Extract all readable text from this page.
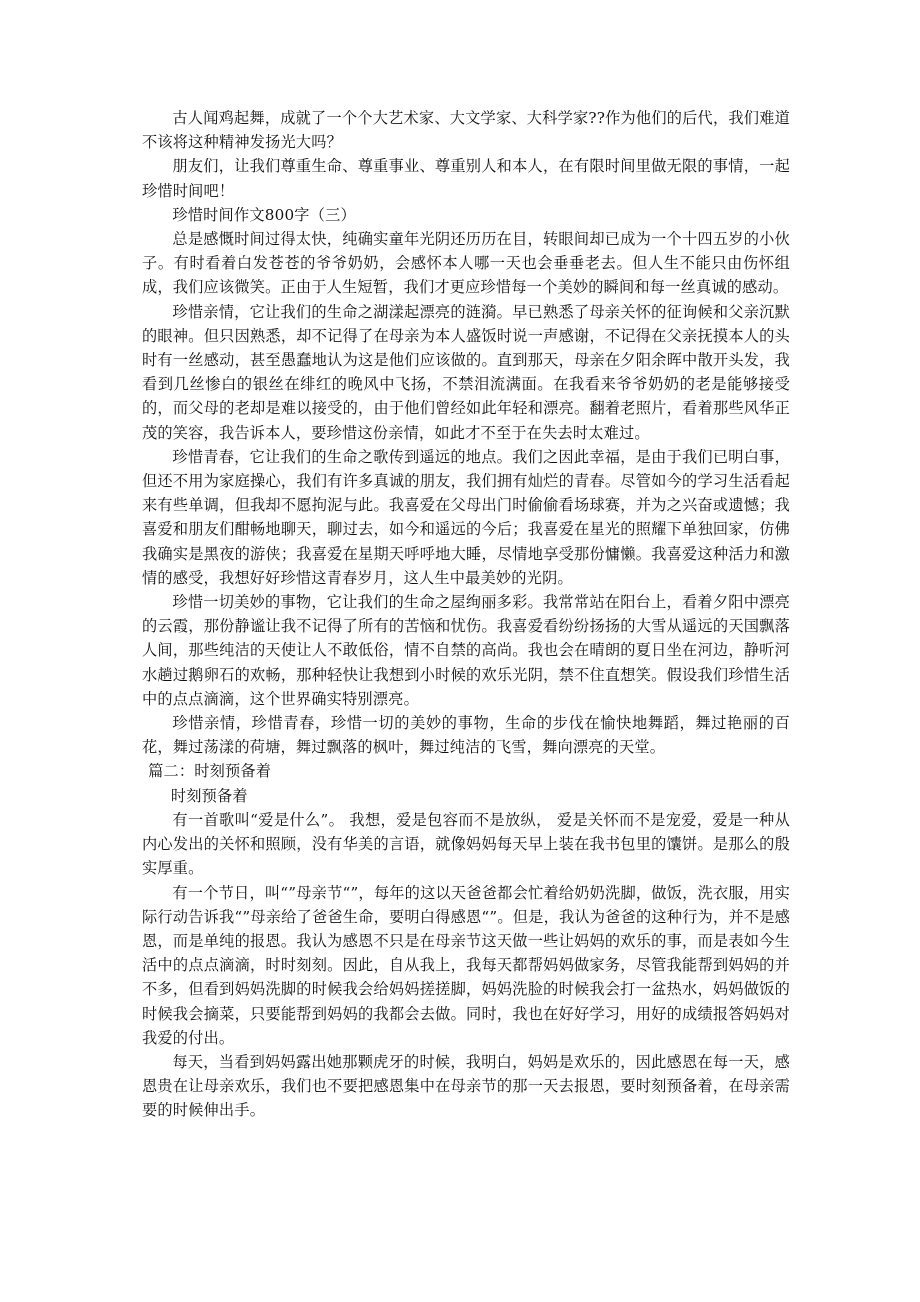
古人闻鸡起舞，成就了一个个大艺术家、大文学家、大科学家??作为他们的后代，我们难道不该将这种精神发扬光大吗？

朋友们，让我们尊重生命、尊重事业、尊重别人和本人，在有限时间里做无限的事情，一起珍惜时间吧！

珍惜时间作文800字（三）

总是感慨时间过得太快，纯确实童年光阴还历历在目，转眼间却已成为一个十四五岁的小伙子。有时看着白发苍苍的爷爷奶奶，会感怀本人哪一天也会垂垂老去。但人生不能只由伤怀组成，我们应该微笑。正由于人生短暂，我们才更应珍惜每一个美妙的瞬间和每一丝真诚的感动。

珍惜亲情，它让我们的生命之湖漾起漂亮的涟漪。早已熟悉了母亲关怀的征询候和父亲沉默的眼神。但只因熟悉，却不记得了在母亲为本人盛饭时说一声感谢，不记得在父亲抚摸本人的头时有一丝感动，甚至愚蠢地认为这是他们应该做的。直到那天，母亲在夕阳余晖中散开头发，我看到几丝惨白的银丝在绯红的晚风中飞扬，不禁泪流满面。在我看来爷爷奶奶的老是能够接受的，而父母的老却是难以接受的，由于他们曾经如此年轻和漂亮。翻着老照片，看着那些风华正茂的笑容，我告诉本人，要珍惜这份亲情，如此才不至于在失去时太难过。

珍惜青春，它让我们的生命之歌传到遥远的地点。我们之因此幸福，是由于我们已明白事，但还不用为家庭操心，我们有许多真诚的朋友，我们拥有灿烂的青春。尽管如今的学习生活看起来有些单调，但我却不愿拘泥与此。我喜爱在父母出门时偷偷看场球赛，并为之兴奋或遗憾；我喜爱和朋友们酣畅地聊天，聊过去，如今和遥远的今后；我喜爱在星光的照耀下单独回家，仿佛我确实是黑夜的游侠；我喜爱在星期天呼呼地大睡，尽情地享受那份慵懒。我喜爱这种活力和激情的感受，我想好好珍惜这青春岁月，这人生中最美妙的光阴。

珍惜一切美妙的事物，它让我们的生命之屋绚丽多彩。我常常站在阳台上，看着夕阳中漂亮的云霞，那份静谧让我不记得了所有的苦恼和忧伤。我喜爱看纷纷扬扬的大雪从遥远的天国飘落人间，那些纯洁的天使让人不敢低俗，情不自禁的高尚。我也会在晴朗的夏日坐在河边，静听河水趟过鹅卵石的欢畅，那种轻快让我想到小时候的欢乐光阴，禁不住直想笑。假设我们珍惜生活中的点点滴滴，这个世界确实特别漂亮。

珍惜亲情，珍惜青春，珍惜一切的美妙的事物，生命的步伐在愉快地舞蹈，舞过艳丽的百花，舞过荡漾的荷塘，舞过飘落的枫叶，舞过纯洁的飞雪，舞向漂亮的天堂。

篇二：时刻预备着

时刻预备着

有一首歌叫“爱是什么”。 我想，爱是包容而不是放纵， 爱是关怀而不是宠爱，爱是一种从内心发出的关怀和照顾，没有华美的言语，就像妈妈每天早上装在我书包里的馕饼。是那么的殷实厚重。

有一个节日，叫“”母亲节“”，每年的这以天爸爸都会忙着给奶奶洗脚，做饭，洗衣服，用实际行动告诉我“”母亲给了爸爸生命，要明白得感恩“”。但是，我认为爸爸的这种行为，并不是感恩，而是单纯的报恩。我认为感恩不只是在母亲节这天做一些让妈妈的欢乐的事，而是表如今生活中的点点滴滴，时时刻刻。因此，自从我上，我每天都帮妈妈做家务，尽管我能帮到妈妈的并不多，但看到妈妈洗脚的时候我会给妈妈搓搓脚，妈妈洗脸的时候我会打一盆热水，妈妈做饭的时候我会摘菜，只要能帮到妈妈的我都会去做。同时，我也在好好学习，用好的成绩报答妈妈对我爱的付出。

每天，当看到妈妈露出她那颗虎牙的时候，我明白，妈妈是欢乐的，因此感恩在每一天，感恩贵在让母亲欢乐，我们也不要把感恩集中在母亲节的那一天去报恩，要时刻预备着，在母亲需要的时候伸出手。
